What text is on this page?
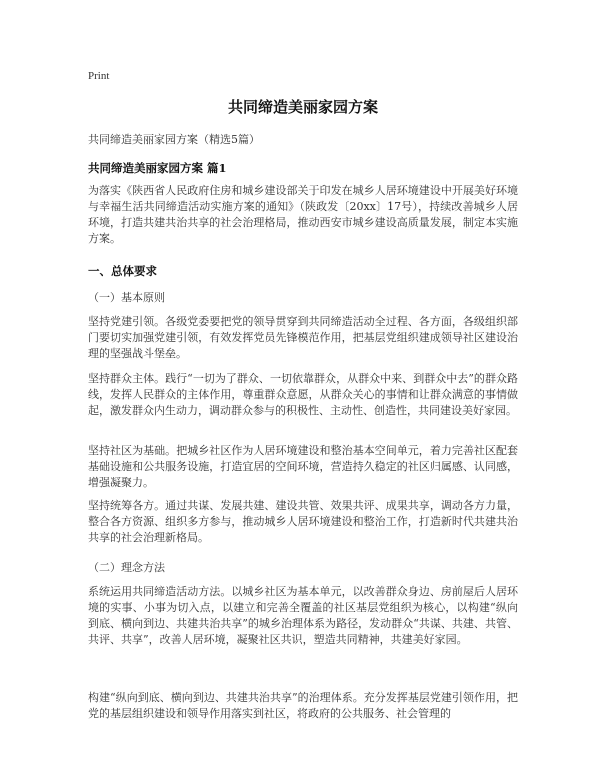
Print
共同缔造美丽家园方案
共同缔造美丽家园方案（精选5篇）
共同缔造美丽家园方案 篇1
为落实《陕西省人民政府住房和城乡建设部关于印发在城乡人居环境建设中开展美好环境与幸福生活共同缔造活动实施方案的通知》（陕政发〔20xx〕17号），持续改善城乡人居环境，打造共建共治共享的社会治理格局，推动西安市城乡建设高质量发展，制定本实施方案。
一、总体要求
（一）基本原则
坚持党建引领。各级党委要把党的领导贯穿到共同缔造活动全过程、各方面，各级组织部门要切实加强党建引领，有效发挥党员先锋模范作用，把基层党组织建成领导社区建设治理的坚强战斗堡垒。
坚持群众主体。践行“一切为了群众、一切依靠群众，从群众中来、到群众中去”的群众路线，发挥人民群众的主体作用，尊重群众意愿，从群众关心的事情和让群众满意的事情做起，激发群众内生动力，调动群众参与的积极性、主动性、创造性，共同建设美好家园。
坚持社区为基础。把城乡社区作为人居环境建设和整治基本空间单元，着力完善社区配套基础设施和公共服务设施，打造宜居的空间环境，营造持久稳定的社区归属感、认同感，增强凝聚力。
坚持统筹各方。通过共谋、发展共建、建设共管、效果共评、成果共享，调动各方力量，整合各方资源、组织多方参与，推动城乡人居环境建设和整治工作，打造新时代共建共治共享的社会治理新格局。
（二）理念方法
系统运用共同缔造活动方法。以城乡社区为基本单元，以改善群众身边、房前屋后人居环境的实事、小事为切入点，以建立和完善全覆盖的社区基层党组织为核心，以构建“纵向到底、横向到边、共建共治共享”的城乡治理体系为路径，发动群众“共谋、共建、共管、共评、共享”，改善人居环境，凝聚社区共识，塑造共同精神，共建美好家园。
构建“纵向到底、横向到边、共建共治共享”的治理体系。充分发挥基层党建引领作用，把党的基层组织建设和领导作用落实到社区，将政府的公共服务、社会管理的
